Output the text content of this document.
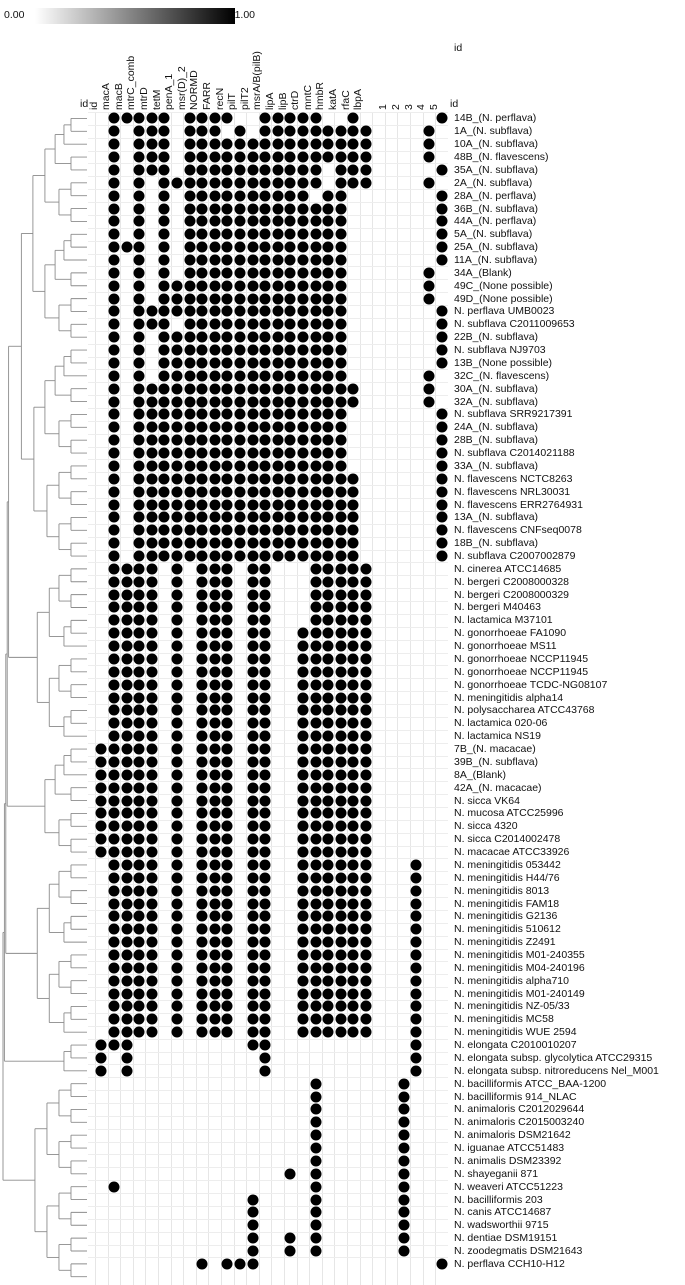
0.00	1.00
id macA macB mtrC_comb mtrD tetM penA_1 msr(D)_2 NORMD FARR recN pilT pilT2 msrA/B(pilB) lipA lipB ctrD mntC hmbR katA rfaC lbpA 1 2 3 4 5 id
id
14B_(N. perflava)
1A_(N. subflava)
10A_(N. subflava)
48B_(N. flavescens)
35A_(N. subflava)
2A_(N. subflava)
28A_(N. perflava)
36B_(N. subflava)
44A_(N. perflava)
5A_(N. subflava)
25A_(N. subflava)
11A_(N. subflava)
34A_(Blank)
49C_(None possible)
49D_(None possible)
N. perflava UMB0023
N. subflava C2011009653
22B_(N. subflava)
N. subflava NJ9703
13B_(None possible)
32C_(N. flavescens)
30A_(N. subflava)
32A_(N. subflava)
N. subflava SRR9217391
24A_(N. subflava)
28B_(N. subflava)
N. subflava C2014021188
33A_(N. subflava)
N. flavescens NCTC8263
N. flavescens NRL30031
N. flavescens ERR2764931
13A_(N. subflava)
N. flavescens CNFseq0078
18B_(N. subflava)
N. subflava C2007002879
N. cinerea ATCC14685
N. bergeri C2008000328
N. bergeri C2008000329
N. bergeri M40463
N. lactamica M37101
N. gonorrhoeae FA1090
N. gonorrhoeae MS11
N. gonorrhoeae NCCP11945
N. gonorrhoeae NCCP11945
N. gonorrhoeae TCDC-NG08107
N. meningitidis alpha14
N. polysaccharea ATCC43768
N. lactamica 020-06
N. lactamica NS19
7B_(N. macacae)
39B_(N. subflava)
8A_(Blank)
42A_(N. macacae)
N. sicca VK64
N. mucosa ATCC25996
N. sicca 4320
N. sicca C2014002478
N. macacae ATCC33926
N. meningitidis 053442
N. meningitidis H44/76
N. meningitidis 8013
N. meningitidis FAM18
N. meningitidis G2136
N. meningitidis 510612
N. meningitidis Z2491
N. meningitidis M01-240355
N. meningitidis M04-240196
N. meningitidis alpha710
N. meningitidis M01-240149
N. meningitidis NZ-05/33
N. meningitidis MC58
N. meningitidis WUE 2594
N. elongata C2010010207
N. elongata subsp. glycolytica ATCC29315
N. elongata subsp. nitroreducens Nel_M001
N. bacilliformis ATCC_BAA-1200
N. bacilliformis 914_NLAC
N. animaloris C2012029644
N. animaloris C2015003240
N. animaloris DSM21642
N. iguanae ATCC51483
N. animalis DSM23392
N. shayeganii 871
N. weaveri ATCC51223
N. bacilliformis 203
N. canis ATCC14687
N. wadsworthii 9715
N. dentiae DSM19151
N. zoodegmatis DSM21643
N. perflava CCH10-H12
id
